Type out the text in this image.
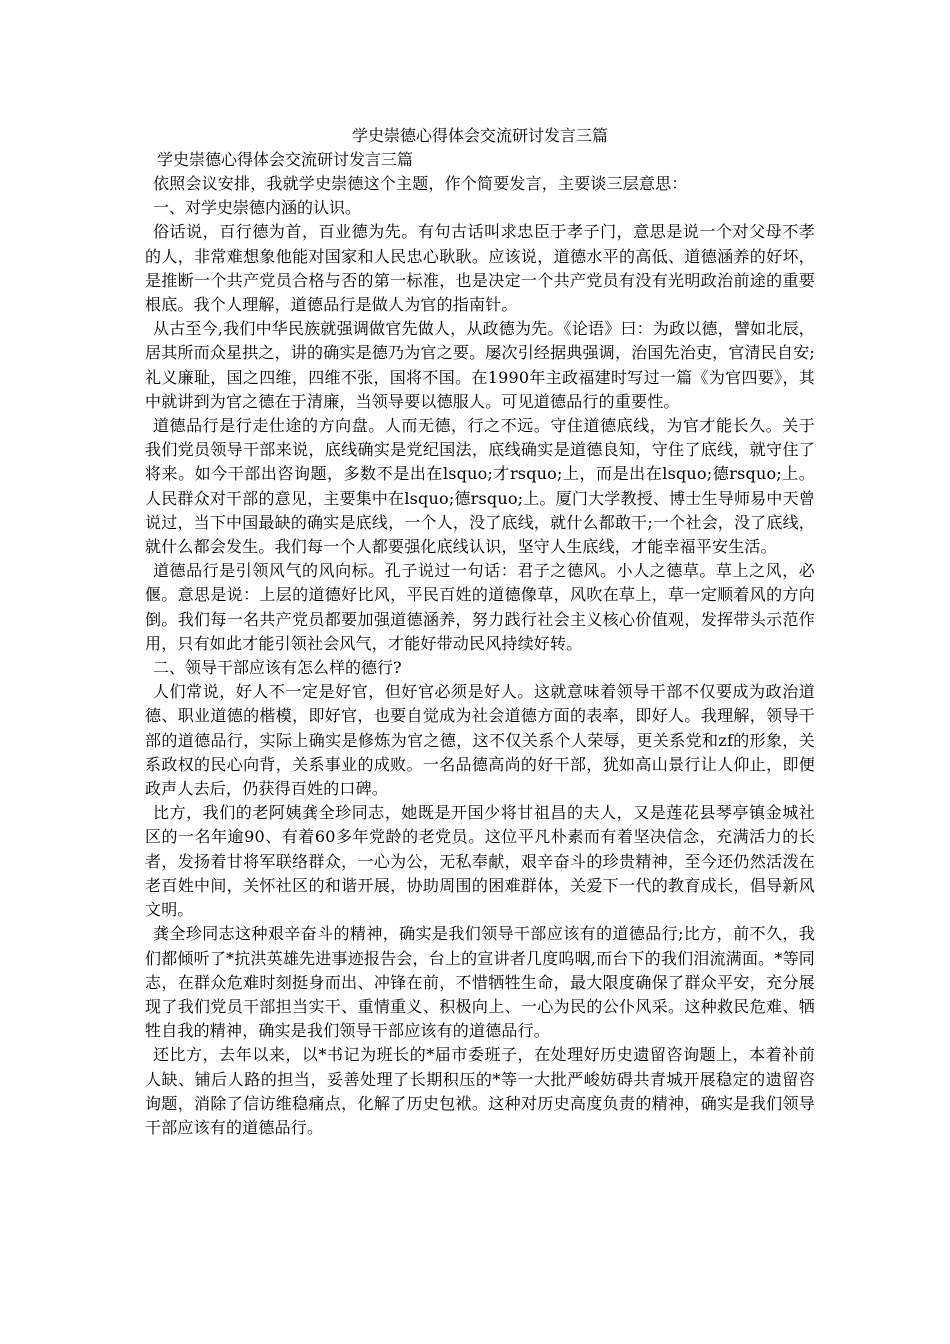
学史崇德心得体会交流研讨发言三篇

学史崇德心得体会交流研讨发言三篇

依照会议安排，我就学史崇德这个主题，作个简要发言，主要谈三层意思：

一、对学史崇德内涵的认识。

俗话说，百行德为首，百业德为先。有句古话叫求忠臣于孝子门，意思是说一个对父母不孝的人，非常难想象他能对国家和人民忠心耿耿。应该说，道德水平的高低、道德涵养的好坏，是推断一个共产党员合格与否的第一标准，也是决定一个共产党员有没有光明政治前途的重要根底。我个人理解，道德品行是做人为官的指南针。

从古至今,我们中华民族就强调做官先做人，从政德为先。《论语》曰：为政以德，譬如北辰，居其所而众星拱之，讲的确实是德乃为官之要。屡次引经据典强调，治国先治吏，官清民自安;礼义廉耻，国之四维，四维不张，国将不国。在1990年主政福建时写过一篇《为官四要》，其中就讲到为官之德在于清廉，当领导要以德服人。可见道德品行的重要性。

道德品行是行走仕途的方向盘。人而无德，行之不远。守住道德底线，为官才能长久。关于我们党员领导干部来说，底线确实是党纪国法，底线确实是道德良知，守住了底线，就守住了将来。如今干部出咨询题，多数不是出在lsquo;才rsquo;上，而是出在lsquo;德rsquo;上。人民群众对干部的意见，主要集中在lsquo;德rsquo;上。厦门大学教授、博士生导师易中天曾说过，当下中国最缺的确实是底线，一个人，没了底线，就什么都敢干;一个社会，没了底线，就什么都会发生。我们每一个人都要强化底线认识，坚守人生底线，才能幸福平安生活。

道德品行是引领风气的风向标。孔子说过一句话：君子之德风。小人之德草。草上之风，必偃。意思是说：上层的道德好比风，平民百姓的道德像草，风吹在草上，草一定顺着风的方向倒。我们每一名共产党员都要加强道德涵养，努力践行社会主义核心价值观，发挥带头示范作用，只有如此才能引领社会风气，才能好带动民风持续好转。

二、领导干部应该有怎么样的德行?

人们常说，好人不一定是好官，但好官必须是好人。这就意味着领导干部不仅要成为政治道德、职业道德的楷模，即好官，也要自觉成为社会道德方面的表率，即好人。我理解，领导干部的道德品行，实际上确实是修炼为官之德，这不仅关系个人荣辱，更关系党和zf的形象，关系政权的民心向背，关系事业的成败。一名品德高尚的好干部，犹如高山景行让人仰止，即便政声人去后，仍获得百姓的口碑。

比方，我们的老阿姨龚全珍同志，她既是开国少将甘祖昌的夫人，又是莲花县琴亭镇金城社区的一名年逾90、有着60多年党龄的老党员。这位平凡朴素而有着坚决信念，充满活力的长者，发扬着甘将军联络群众，一心为公，无私奉献，艰辛奋斗的珍贵精神，至今还仍然活泼在老百姓中间，关怀社区的和谐开展，协助周围的困难群体，关爱下一代的教育成长，倡导新风文明。

龚全珍同志这种艰辛奋斗的精神，确实是我们领导干部应该有的道德品行;比方，前不久，我们都倾听了*抗洪英雄先进事迹报告会，台上的宣讲者几度呜咽,而台下的我们泪流满面。*等同志，在群众危难时刻挺身而出、冲锋在前，不惜牺牲生命，最大限度确保了群众平安，充分展现了我们党员干部担当实干、重情重义、积极向上、一心为民的公仆风采。这种救民危难、牺牲自我的精神，确实是我们领导干部应该有的道德品行。

还比方，去年以来，以*书记为班长的*届市委班子，在处理好历史遗留咨询题上，本着补前人缺、铺后人路的担当，妥善处理了长期积压的*等一大批严峻妨碍共青城开展稳定的遗留咨询题，消除了信访维稳痛点，化解了历史包袱。这种对历史高度负责的精神，确实是我们领导干部应该有的道德品行。
